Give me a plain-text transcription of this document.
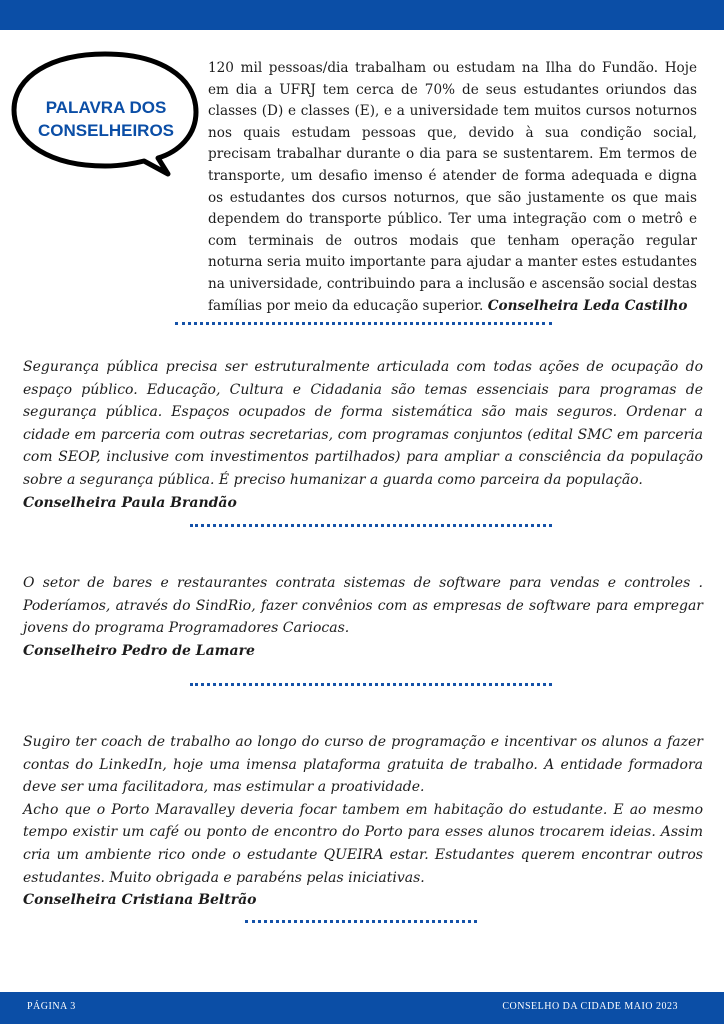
PALAVRA DOS
CONSELHEIROS
120 mil pessoas/dia trabalham ou estudam na Ilha do Fundão. Hoje em dia a UFRJ tem cerca de 70% de seus estudantes oriundos das classes (D) e classes (E), e a universidade tem muitos cursos noturnos nos quais estudam pessoas que, devido à sua condição social, precisam trabalhar durante o dia para se sustentarem. Em termos de transporte, um desafio imenso é atender de forma adequada e digna os estudantes dos cursos noturnos, que são justamente os que mais dependem do transporte público. Ter uma integração com o metrô e com terminais de outros modais que tenham operação regular noturna seria muito importante para ajudar a manter estes estudantes na universidade, contribuindo para a inclusão e ascensão social destas famílias por meio da educação superior. Conselheira Leda Castilho
Segurança pública precisa ser estruturalmente articulada com todas ações de ocupação do espaço público. Educação, Cultura e Cidadania são temas essenciais para programas de segurança pública. Espaços ocupados de forma sistemática são mais seguros. Ordenar a cidade em parceria com outras secretarias, com programas conjuntos (edital SMC em parceria com SEOP, inclusive com investimentos partilhados) para ampliar a consciência da população sobre a segurança pública. É preciso humanizar a guarda como parceira da população.
Conselheira Paula Brandão
O setor de bares e restaurantes contrata sistemas de software para vendas e controles . Poderíamos, através do SindRio, fazer convênios com as empresas de software para empregar jovens do programa Programadores Cariocas.
Conselheiro Pedro de Lamare
Sugiro ter coach de trabalho ao longo do curso de programação e incentivar os alunos a fazer contas do LinkedIn, hoje uma imensa plataforma gratuita de trabalho. A entidade formadora deve ser uma facilitadora, mas estimular a proatividade.
Acho que o Porto Maravalley deveria focar tambem em habitação do estudante. E ao mesmo tempo existir um café ou ponto de encontro do Porto para esses alunos trocarem ideias. Assim cria um ambiente rico onde o estudante QUEIRA estar. Estudantes querem encontrar outros estudantes. Muito obrigada e parabéns pelas iniciativas.
Conselheira Cristiana Beltrão
PÁGINA 3	CONSELHO DA CIDADE MAIO 2023
